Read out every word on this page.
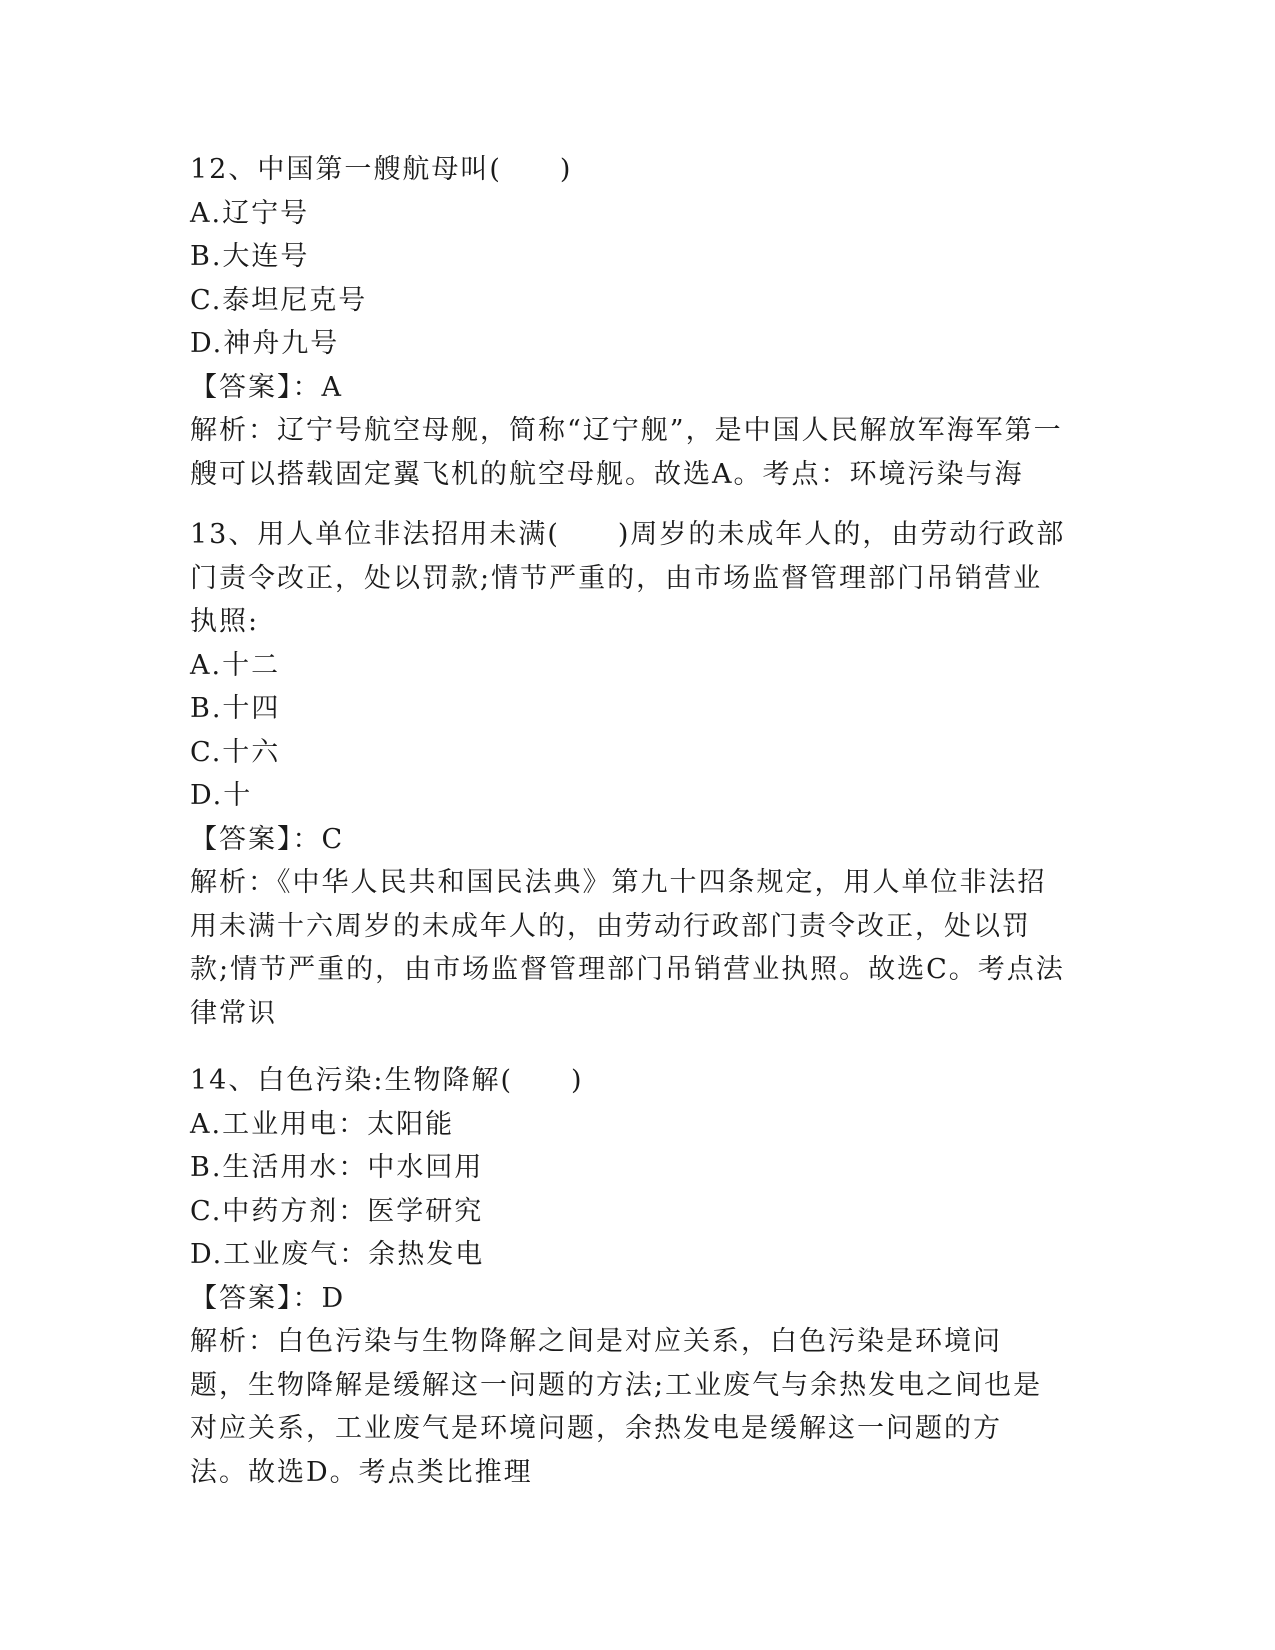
12、中国第一艘航母叫(　　)
A.辽宁号
B.大连号
C.泰坦尼克号
D.神舟九号
【答案】：A
解析：辽宁号航空母舰，简称“辽宁舰”，是中国人民解放军海军第一艘可以搭载固定翼飞机的航空母舰。故选A。考点：环境污染与海
13、用人单位非法招用未满(　　)周岁的未成年人的，由劳动行政部门责令改正，处以罚款;情节严重的，由市场监督管理部门吊销营业执照:
A.十二
B.十四
C.十六
D.十
【答案】：C
解析：《中华人民共和国民法典》第九十四条规定，用人单位非法招用未满十六周岁的未成年人的，由劳动行政部门责令改正，处以罚款;情节严重的，由市场监督管理部门吊销营业执照。故选C。考点法律常识
14、白色污染:生物降解(　　)
A.工业用电：太阳能
B.生活用水：中水回用
C.中药方剂：医学研究
D.工业废气：余热发电
【答案】：D
解析：白色污染与生物降解之间是对应关系，白色污染是环境问题，生物降解是缓解这一问题的方法;工业废气与余热发电之间也是对应关系，工业废气是环境问题，余热发电是缓解这一问题的方法。故选D。考点类比推理
